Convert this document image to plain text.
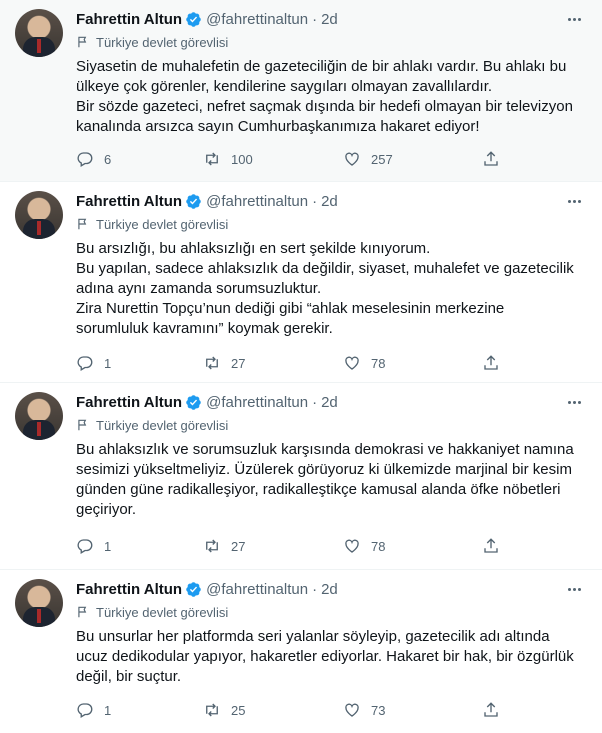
Fahrettin Altun @fahrettinaltun · 2d
Türkiye devlet görevlisi

Siyasetin de muhalefetin de gazeteciliğin de bir ahlakı vardır. Bu ahlakı bu
ülkeye çok görenler, kendilerine saygıları olmayan zavallılardır.
Bir sözde gazeteci, nefret saçmak dışında bir hedefi olmayan bir televizyon
kanalında arsızca sayın Cumhurbaşkanımıza hakaret ediyor!

6	100	257
Fahrettin Altun @fahrettinaltun · 2d
Türkiye devlet görevlisi

Bu arsızlığı, bu ahlaksızlığı en sert şekilde kınıyorum.
Bu yapılan, sadece ahlaksızlık da değildir, siyaset, muhalefet ve gazetecilik
adına aynı zamanda sorumsuzluktur.
Zira Nurettin Topçu’nun dediği gibi “ahlak meselesinin merkezine
sorumluluk kavramını” koymak gerekir.

1	27	78
Fahrettin Altun @fahrettinaltun · 2d
Türkiye devlet görevlisi

Bu ahlaksızlık ve sorumsuzluk karşısında demokrasi ve hakkaniyet namına
sesimizi yükseltmeliyiz. Üzülerek görüyoruz ki ülkemizde marjinal bir kesim
günden güne radikalleşiyor, radikalleştikçe kamusal alanda öfke nöbetleri
geçiriyor.

1	27	78
Fahrettin Altun @fahrettinaltun · 2d
Türkiye devlet görevlisi

Bu unsurlar her platformda seri yalanlar söyleyip, gazetecilik adı altında
ucuz dedikodular yapıyor, hakaretler ediyorlar. Hakaret bir hak, bir özgürlük
değil, bir suçtur.

1	25	73
